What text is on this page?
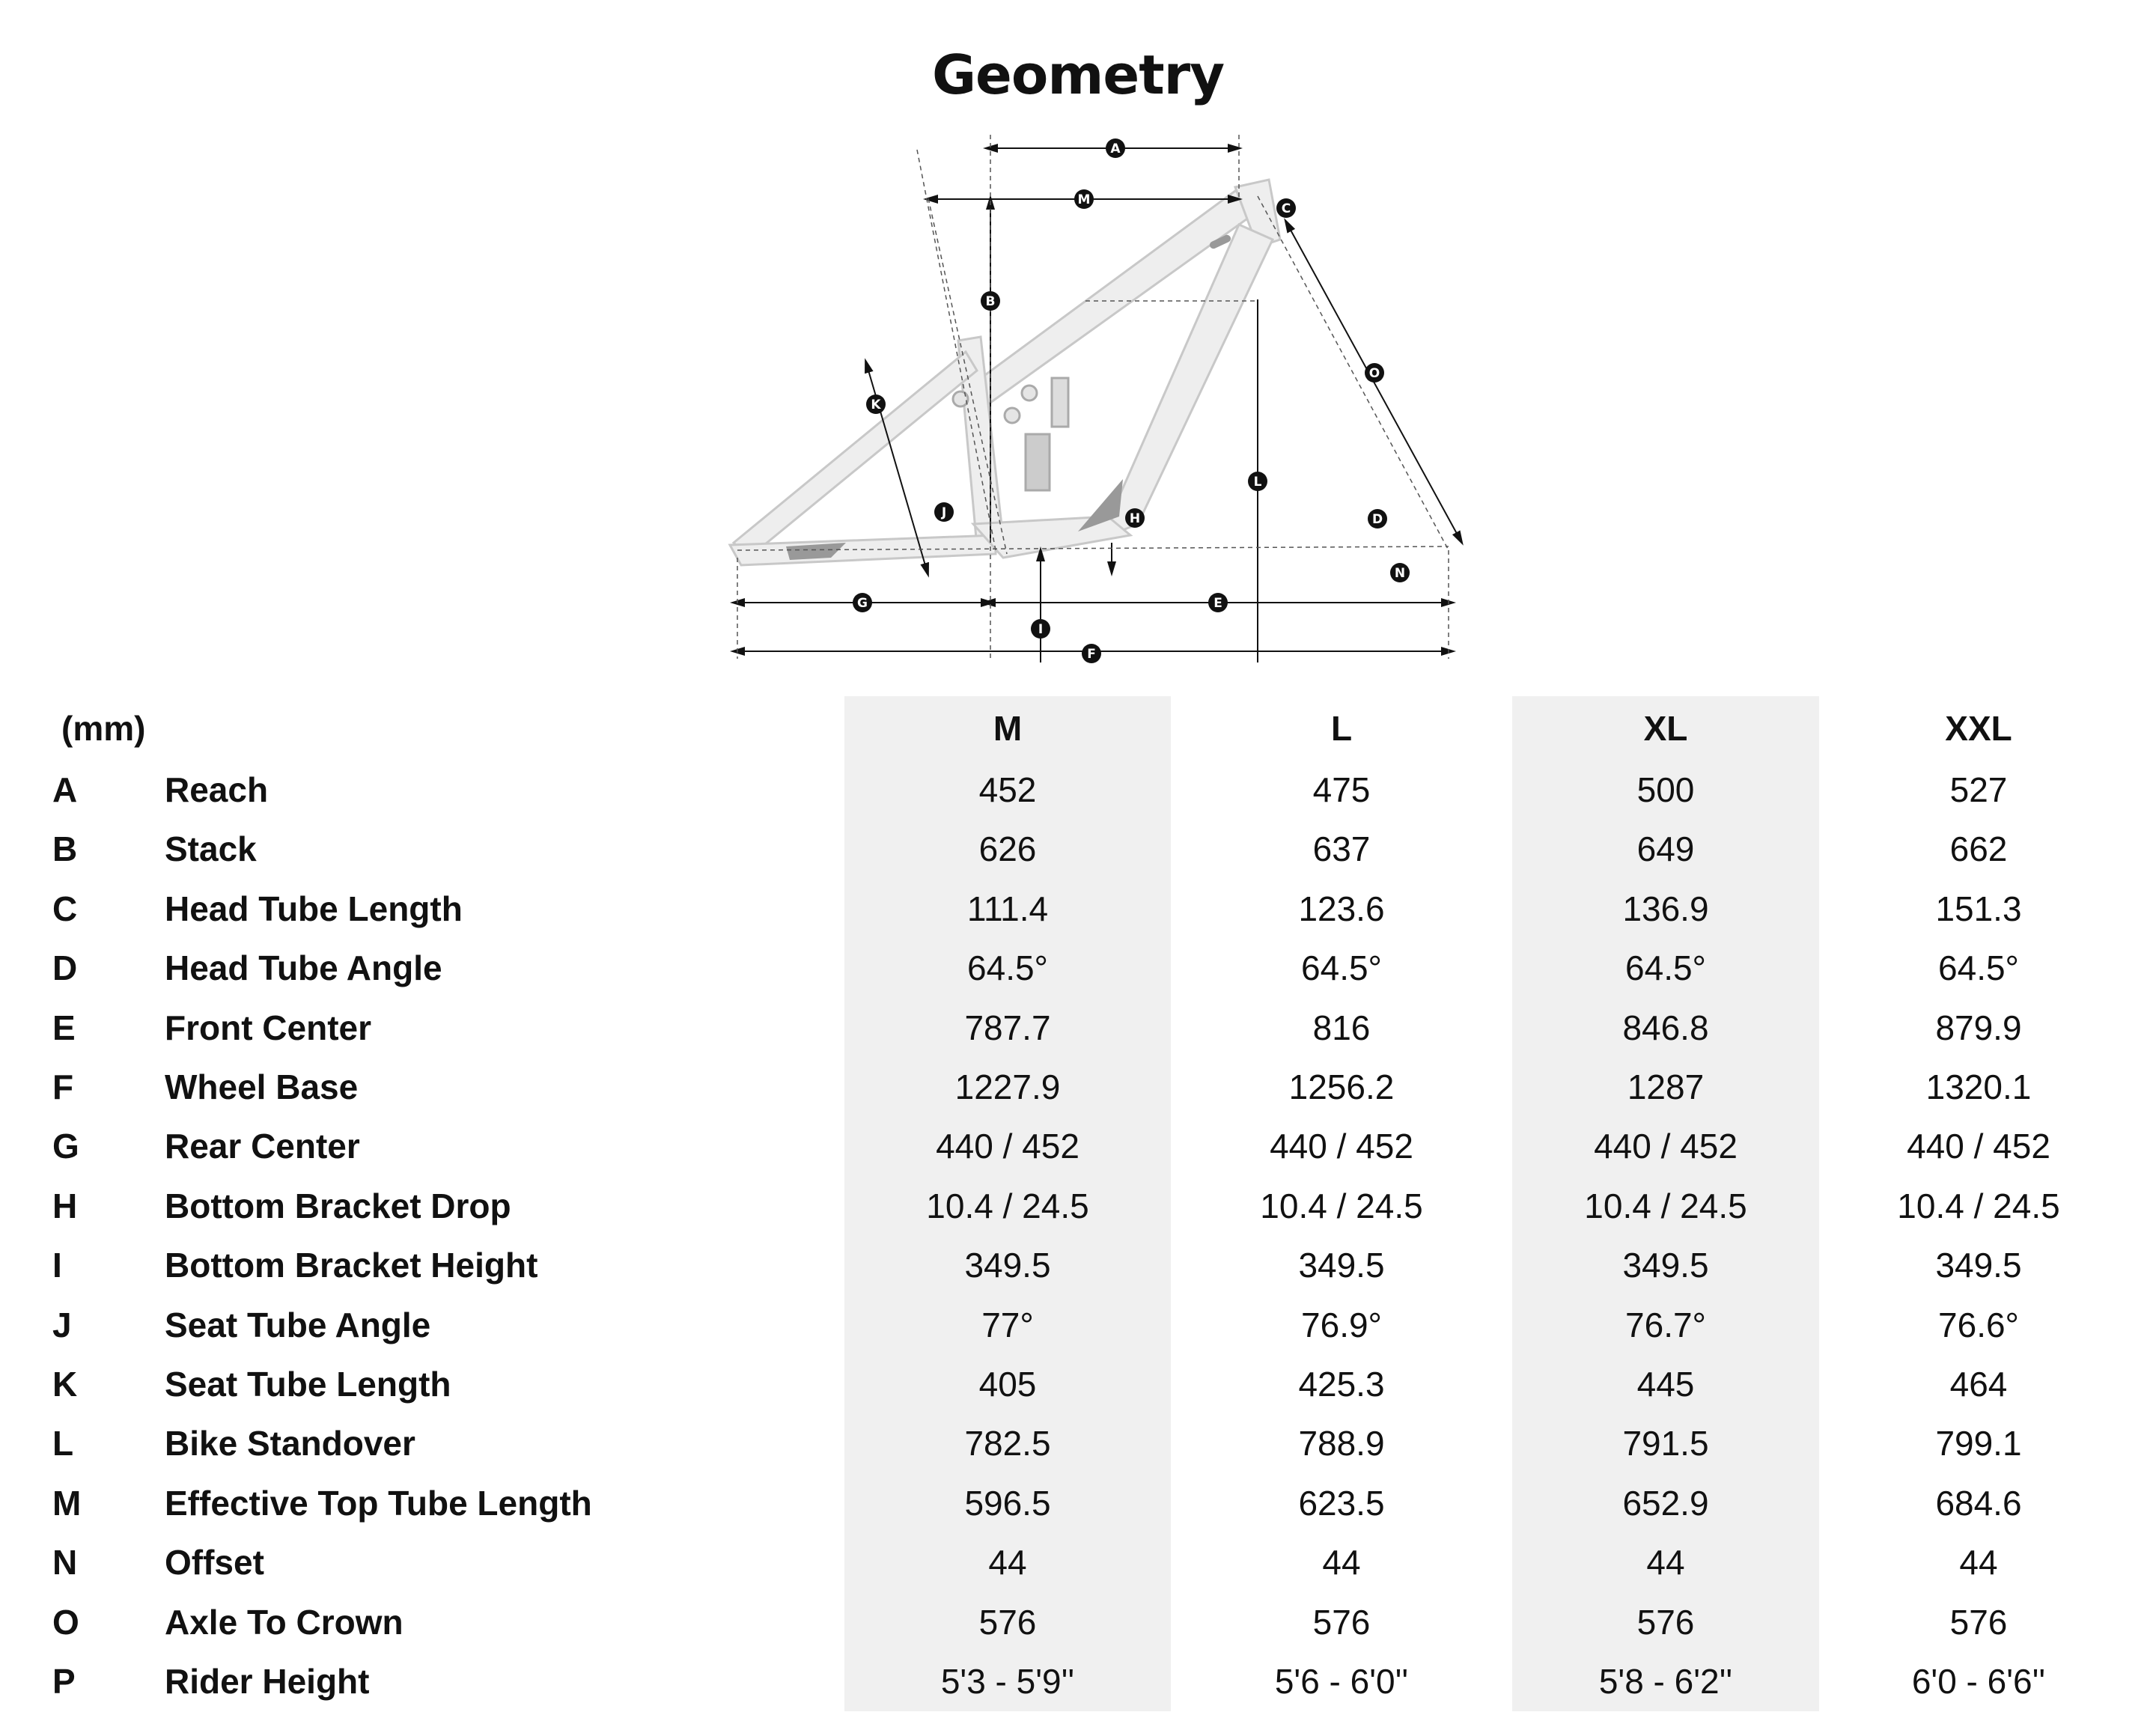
Geometry
A
B
C
D
E
F
G
H
I
J
K
L
M
N
O
(mm)		M	L	XL	XXL
A	Reach	452	475	500	527
B	Stack	626	637	649	662
C	Head Tube Length	111.4	123.6	136.9	151.3
D	Head Tube Angle	64.5°	64.5°	64.5°	64.5°
E	Front Center	787.7	816	846.8	879.9
F	Wheel Base	1227.9	1256.2	1287	1320.1
G	Rear Center	440 / 452	440 / 452	440 / 452	440 / 452
H	Bottom Bracket Drop	10.4 / 24.5	10.4 / 24.5	10.4 / 24.5	10.4 / 24.5
I	Bottom Bracket Height	349.5	349.5	349.5	349.5
J	Seat Tube Angle	77°	76.9°	76.7°	76.6°
K	Seat Tube Length	405	425.3	445	464
L	Bike Standover	782.5	788.9	791.5	799.1
M	Effective Top Tube Length	596.5	623.5	652.9	684.6
N	Offset	44	44	44	44
O	Axle To Crown	576	576	576	576
P	Rider Height	5'3 - 5'9''	5'6 - 6'0''	5'8 - 6'2''	6'0 - 6'6''
